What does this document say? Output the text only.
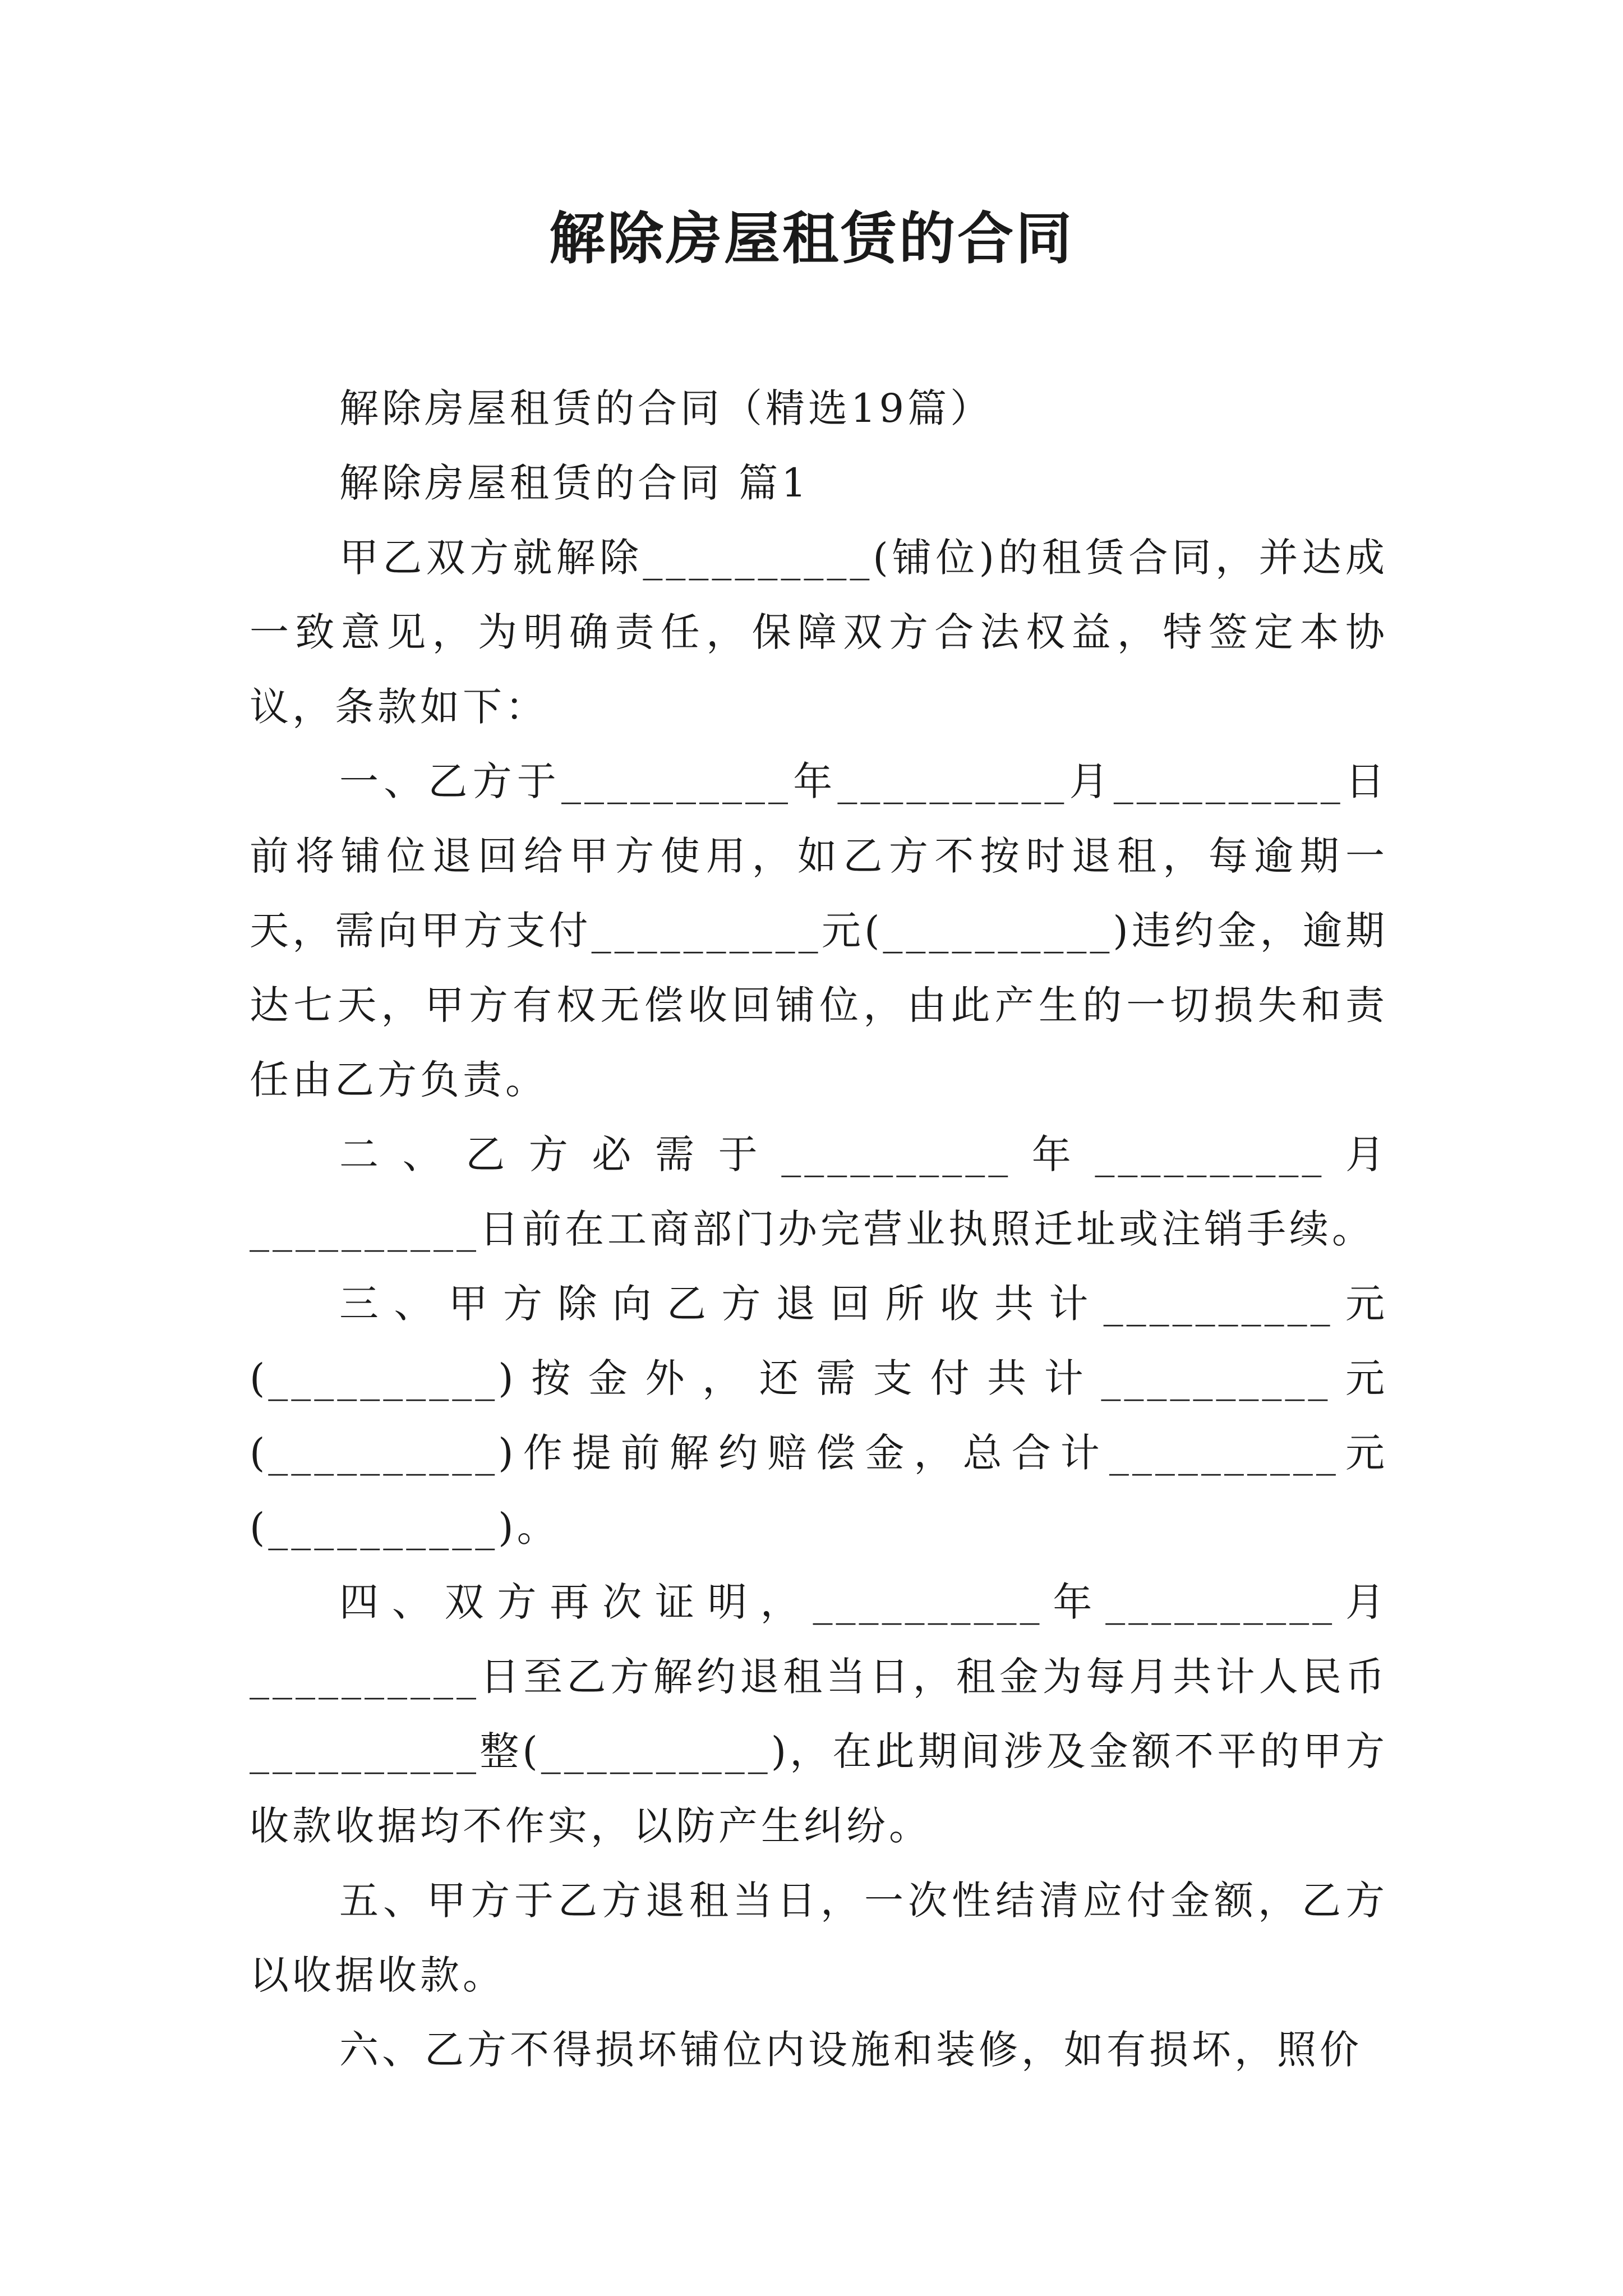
解除房屋租赁的合同

解除房屋租赁的合同（精选19篇）

解除房屋租赁的合同 篇1

甲乙双方就解除__________(铺位)的租赁合同，并达成一致意见，为明确责任，保障双方合法权益，特签定本协议，条款如下：

一、乙方于__________年__________月__________日前将铺位退回给甲方使用，如乙方不按时退租，每逾期一天，需向甲方支付__________元(__________)违约金，逾期达七天，甲方有权无偿收回铺位，由此产生的一切损失和责任由乙方负责。

二、乙方必需于__________年__________月__________日前在工商部门办完营业执照迁址或注销手续。

三、甲方除向乙方退回所收共计__________元(__________)按金外，还需支付共计__________元(__________)作提前解约赔偿金，总合计__________元(__________)。

四、双方再次证明，__________年__________月__________日至乙方解约退租当日，租金为每月共计人民币__________整(__________)，在此期间涉及金额不平的甲方收款收据均不作实，以防产生纠纷。

五、甲方于乙方退租当日，一次性结清应付金额，乙方以收据收款。

六、乙方不得损坏铺位内设施和装修，如有损坏，照价
